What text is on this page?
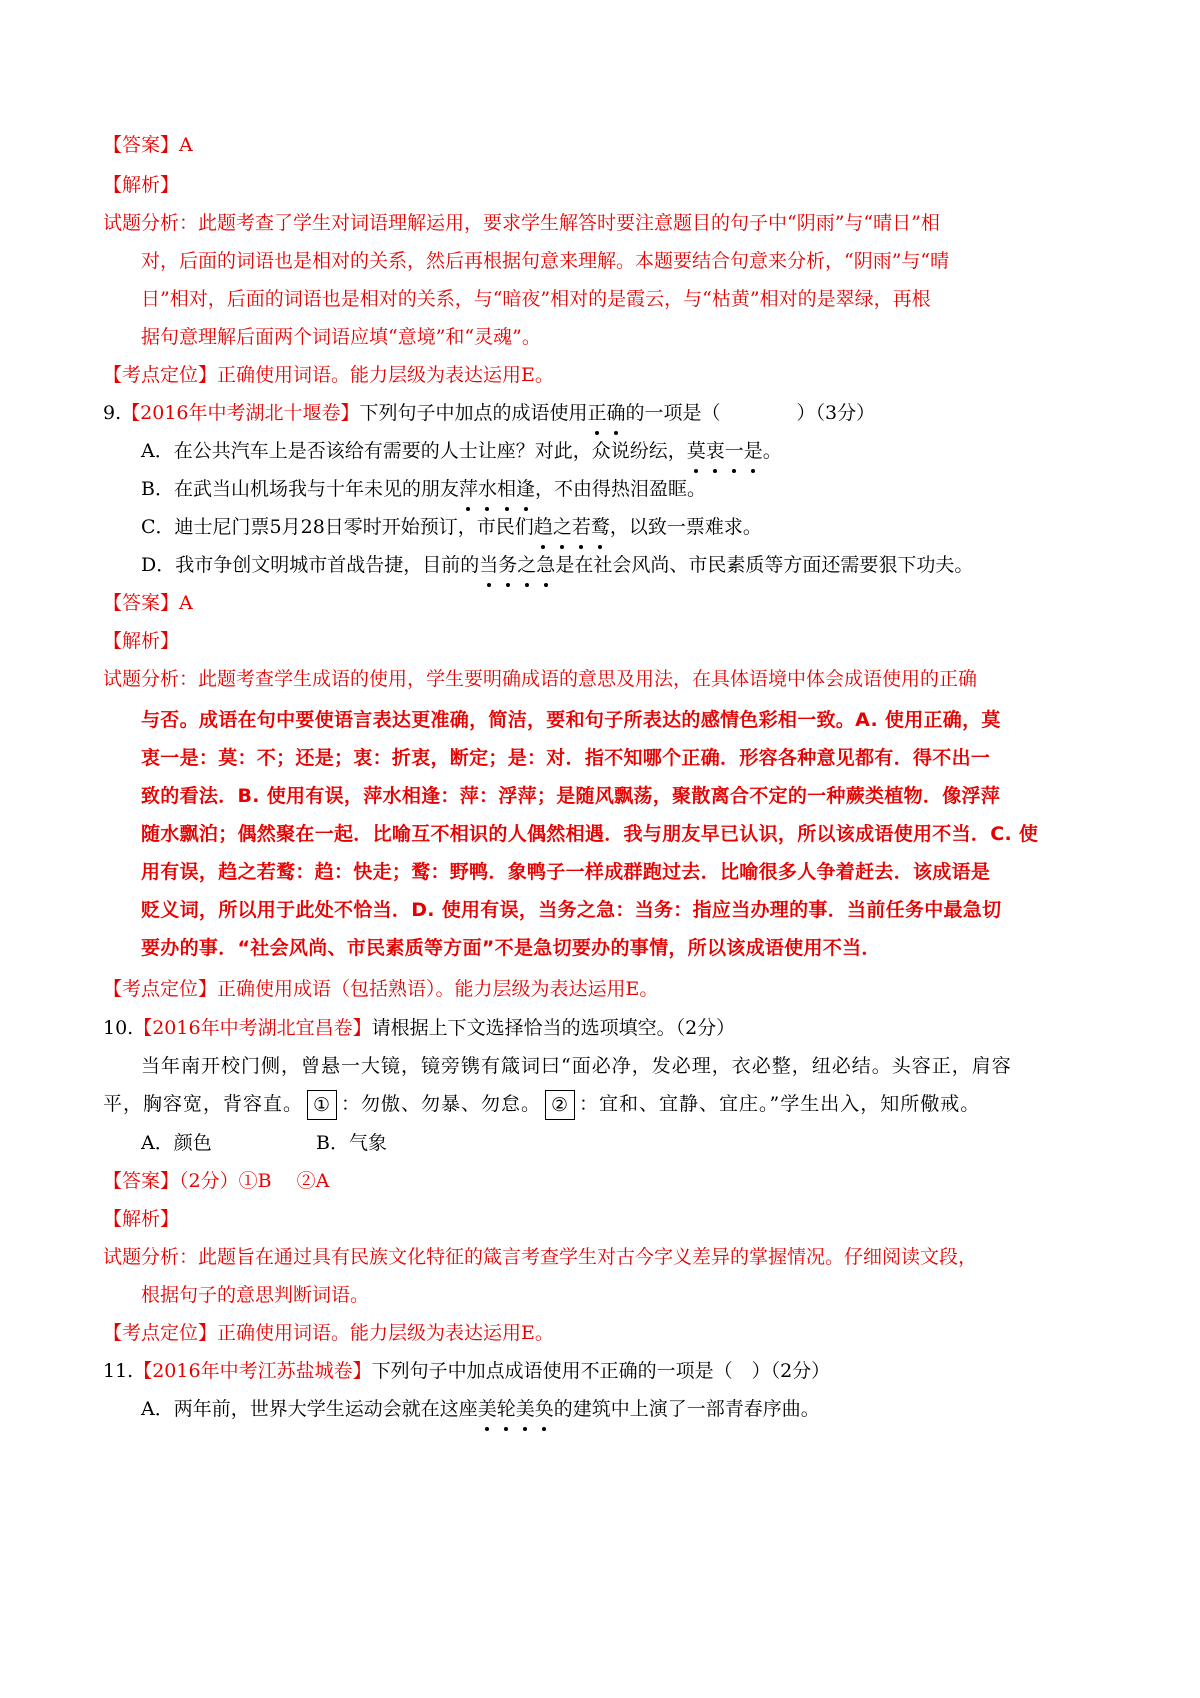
【答案】A
【解析】
试题分析：此题考查了学生对词语理解运用，要求学生解答时要注意题目的句子中“阴雨”与“晴日”相
对，后面的词语也是相对的关系，然后再根据句意来理解。本题要结合句意来分析，“阴雨”与“晴
日”相对，后面的词语也是相对的关系，与“暗夜”相对的是霞云，与“枯黄”相对的是翠绿，再根
据句意理解后面两个词语应填“意境”和“灵魂”。
【考点定位】正确使用词语。能力层级为表达运用E。
9.【2016年中考湖北十堰卷】下列句子中加点的成语使用正确的一项是（　　　　）（3分）
A．在公共汽车上是否该给有需要的人士让座？对此，众说纷纭，莫衷一是。
B．在武当山机场我与十年未见的朋友萍水相逢，不由得热泪盈眶。
C．迪士尼门票5月28日零时开始预订，市民们趋之若鹜，以致一票难求。
D．我市争创文明城市首战告捷，目前的当务之急是在社会风尚、市民素质等方面还需要狠下功夫。
【答案】A
【解析】
试题分析：此题考查学生成语的使用，学生要明确成语的意思及用法，在具体语境中体会成语使用的正确
与否。成语在句中要使语言表达更准确，简洁，要和句子所表达的感情色彩相一致。A. 使用正确，莫
衷一是：莫：不；还是；衷：折衷，断定；是：对．指不知哪个正确．形容各种意见都有．得不出一
致的看法．B. 使用有误，萍水相逢：萍：浮萍；是随风飘荡，聚散离合不定的一种蕨类植物．像浮萍
随水飘泊；偶然聚在一起．比喻互不相识的人偶然相遇．我与朋友早已认识，所以该成语使用不当．C. 使
用有误，趋之若鹜：趋：快走；鹜：野鸭．象鸭子一样成群跑过去．比喻很多人争着赶去．该成语是
贬义词，所以用于此处不恰当．D. 使用有误，当务之急：当务：指应当办理的事．当前任务中最急切
要办的事．“社会风尚、市民素质等方面”不是急切要办的事情，所以该成语使用不当．
【考点定位】正确使用成语（包括熟语）。能力层级为表达运用E。
10.【2016年中考湖北宜昌卷】请根据上下文选择恰当的选项填空。（2分）
当年南开校门侧，曾悬一大镜，镜旁镌有箴词曰“面必净，发必理，衣必整，纽必结。头容正，肩容
平，胸容宽，背容直。 ① ：勿傲、勿暴、勿怠。 ② ：宜和、宜静、宜庄。”学生出入，知所儆戒。
A．颜色	B．气象
【答案】（2分）①B　 ②A
【解析】
试题分析：此题旨在通过具有民族文化特征的箴言考查学生对古今字义差异的掌握情况。仔细阅读文段，
根据句子的意思判断词语。
【考点定位】正确使用词语。能力层级为表达运用E。
11.【2016年中考江苏盐城卷】下列句子中加点成语使用不正确的一项是（　）（2分）
A．两年前，世界大学生运动会就在这座美轮美奂的建筑中上演了一部青春序曲。
